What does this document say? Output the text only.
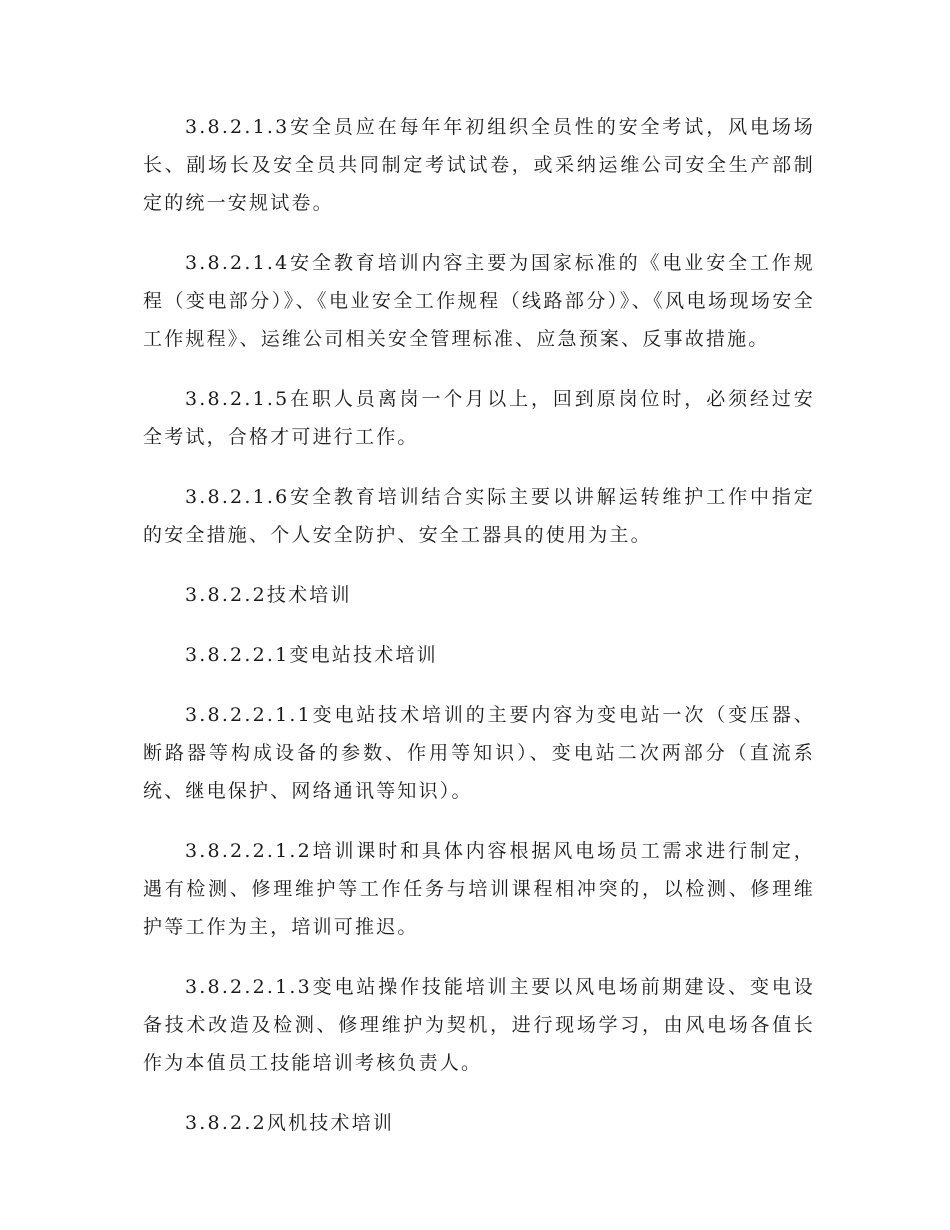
3.8.2.1.3安全员应在每年年初组织全员性的安全考试，风电场场长、副场长及安全员共同制定考试试卷，或采纳运维公司安全生产部制定的统一安规试卷。

3.8.2.1.4安全教育培训内容主要为国家标准的《电业安全工作规程（变电部分）》、《电业安全工作规程（线路部分）》、《风电场现场安全工作规程》、运维公司相关安全管理标准、应急预案、反事故措施。

3.8.2.1.5在职人员离岗一个月以上，回到原岗位时，必须经过安全考试，合格才可进行工作。

3.8.2.1.6安全教育培训结合实际主要以讲解运转维护工作中指定的安全措施、个人安全防护、安全工器具的使用为主。

3.8.2.2技术培训

3.8.2.2.1变电站技术培训

3.8.2.2.1.1变电站技术培训的主要内容为变电站一次（变压器、断路器等构成设备的参数、作用等知识）、变电站二次两部分（直流系统、继电保护、网络通讯等知识）。

3.8.2.2.1.2培训课时和具体内容根据风电场员工需求进行制定，遇有检测、修理维护等工作任务与培训课程相冲突的，以检测、修理维护等工作为主，培训可推迟。

3.8.2.2.1.3变电站操作技能培训主要以风电场前期建设、变电设备技术改造及检测、修理维护为契机，进行现场学习，由风电场各值长作为本值员工技能培训考核负责人。

3.8.2.2风机技术培训
